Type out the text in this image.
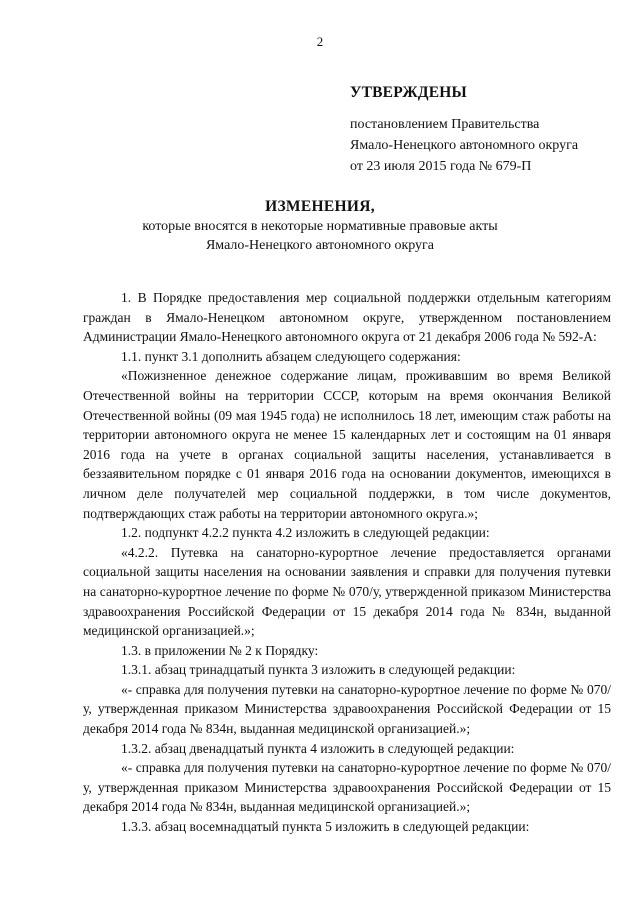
2
УТВЕРЖДЕНЫ
постановлением Правительства
Ямало-Ненецкого автономного округа
от 23 июля 2015 года № 679-П
ИЗМЕНЕНИЯ,
которые вносятся в некоторые нормативные правовые акты
Ямало-Ненецкого автономного округа

1. В Порядке предоставления мер социальной поддержки отдельным категориям граждан в Ямало-Ненецком автономном округе, утвержденном постановлением Администрации Ямало-Ненецкого автономного округа от 21 декабря 2006 года № 592-А:

1.1. пункт 3.1 дополнить абзацем следующего содержания:

«Пожизненное денежное содержание лицам, проживавшим во время Великой Отечественной войны на территории СССР, которым на время окончания Великой Отечественной войны (09 мая 1945 года) не исполнилось 18 лет, имеющим стаж работы на территории автономного округа не менее 15 календарных лет и состоящим на 01 января 2016 года на учете в органах социальной защиты населения, устанавливается в беззаявительном порядке с 01 января 2016 года на основании документов, имеющихся в личном деле получателей мер социальной поддержки, в том числе документов, подтверждающих стаж работы на территории автономного округа.»;

1.2. подпункт 4.2.2 пункта 4.2 изложить в следующей редакции:

«4.2.2. Путевка на санаторно-курортное лечение предоставляется органами социальной защиты населения на основании заявления и справки для получения путевки на санаторно-курортное лечение по форме № 070/у, утвержденной приказом Министерства здравоохранения Российской Федерации от 15 декабря 2014 года № 834н, выданной медицинской организацией.»;

1.3. в приложении № 2 к Порядку:

1.3.1. абзац тринадцатый пункта 3 изложить в следующей редакции:

«- справка для получения путевки на санаторно-курортное лечение по форме № 070/у, утвержденная приказом Министерства здравоохранения Российской Федерации от 15 декабря 2014 года № 834н, выданная медицинской организацией.»;

1.3.2. абзац двенадцатый пункта 4 изложить в следующей редакции:

«- справка для получения путевки на санаторно-курортное лечение по форме № 070/у, утвержденная приказом Министерства здравоохранения Российской Федерации от 15 декабря 2014 года № 834н, выданная медицинской организацией.»;

1.3.3. абзац восемнадцатый пункта 5 изложить в следующей редакции:
